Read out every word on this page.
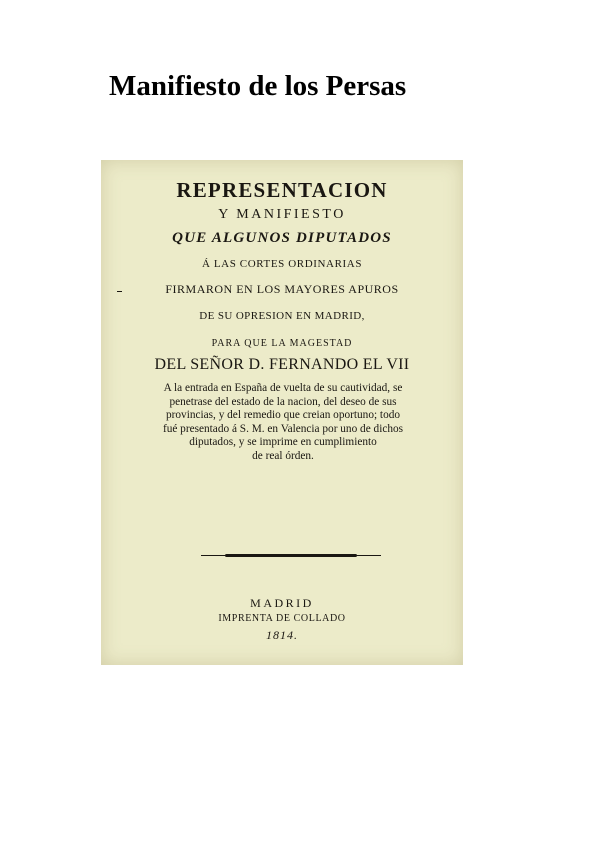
Manifiesto de los Persas

REPRESENTACION
Y MANIFIESTO
QUE ALGUNOS DIPUTADOS
Á LAS CORTES ORDINARIAS
FIRMARON EN LOS MAYORES APUROS
DE SU OPRESION EN MADRID,
PARA QUE LA MAGESTAD
DEL SEÑOR D. FERNANDO EL VII
A la entrada en España de vuelta de su cautividad, se
penetrase del estado de la nacion, del deseo de sus
provincias, y del remedio que creian oportuno; todo
fué presentado á S. M. en Valencia por uno de dichos
diputados, y se imprime en cumplimiento
de real órden.
MADRID
IMPRENTA DE COLLADO
1814.
